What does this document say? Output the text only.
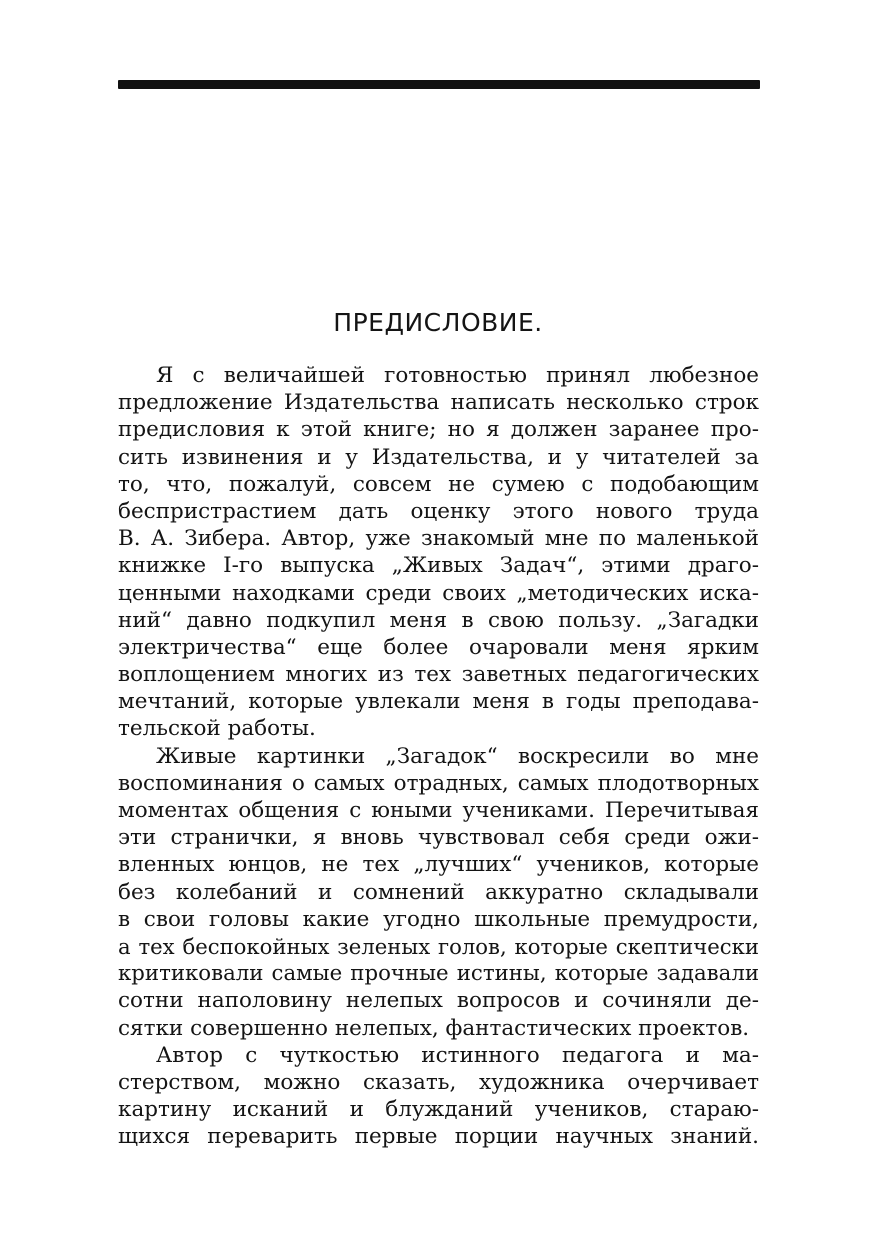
ПРЕДИСЛОВИЕ.
Я с величайшей готовностью принял любезное
предложение Издательства написать несколько строк
предисловия к этой книге; но я должен заранее про-
сить извинения и у Издательства, и у читателей за
то, что, пожалуй, совсем не сумею с подобающим
беспристрастием дать оценку этого нового труда
В. А. Зибера. Автор, уже знакомый мне по маленькой
книжке I-го выпуска „Живых Задач“, этими драго-
ценными находками среди своих „методических иска-
ний“ давно подкупил меня в свою пользу. „Загадки
электричества“ еще более очаровали меня ярким
воплощением многих из тех заветных педагогических
мечтаний, которые увлекали меня в годы преподава-
тельской работы.
Живые картинки „Загадок“ воскресили во мне
воспоминания о самых отрадных, самых плодотворных
моментах общения с юными учениками. Перечитывая
эти странички, я вновь чувствовал себя среди ожи-
вленных юнцов, не тех „лучших“ учеников, которые
без колебаний и сомнений аккуратно складывали
в свои головы какие угодно школьные премудрости,
а тех беспокойных зеленых голов, которые скептически
критиковали самые прочные истины, которые задавали
сотни наполовину нелепых вопросов и сочиняли де-
сятки совершенно нелепых, фантастических проектов.
Автор с чуткостью истинного педагога и ма-
стерством, можно сказать, художника очерчивает
картину исканий и блужданий учеников, стараю-
щихся переварить первые порции научных знаний.
